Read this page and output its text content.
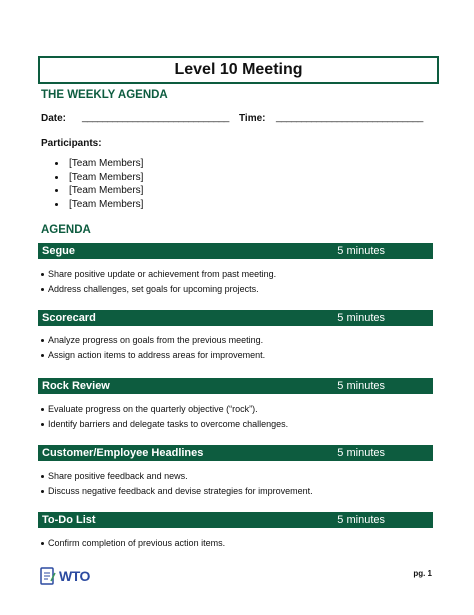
Level 10 Meeting
THE WEEKLY AGENDA
Date: _____________________________ Time: _____________________________
Participants:
[Team Members]
[Team Members]
[Team Members]
[Team Members]
AGENDA
Segue	5 minutes
Share positive update or achievement from past meeting.
Address challenges, set goals for upcoming projects.
Scorecard	5 minutes
Analyze progress on goals from the previous meeting.
Assign action items to address areas for improvement.
Rock Review	5 minutes
Evaluate progress on the quarterly objective (“rock”).
Identify barriers and delegate tasks to overcome challenges.
Customer/Employee Headlines	5 minutes
Share positive feedback and news.
Discuss negative feedback and devise strategies for improvement.
To-Do List	5 minutes
Confirm completion of previous action items.
WTO	pg. 1
